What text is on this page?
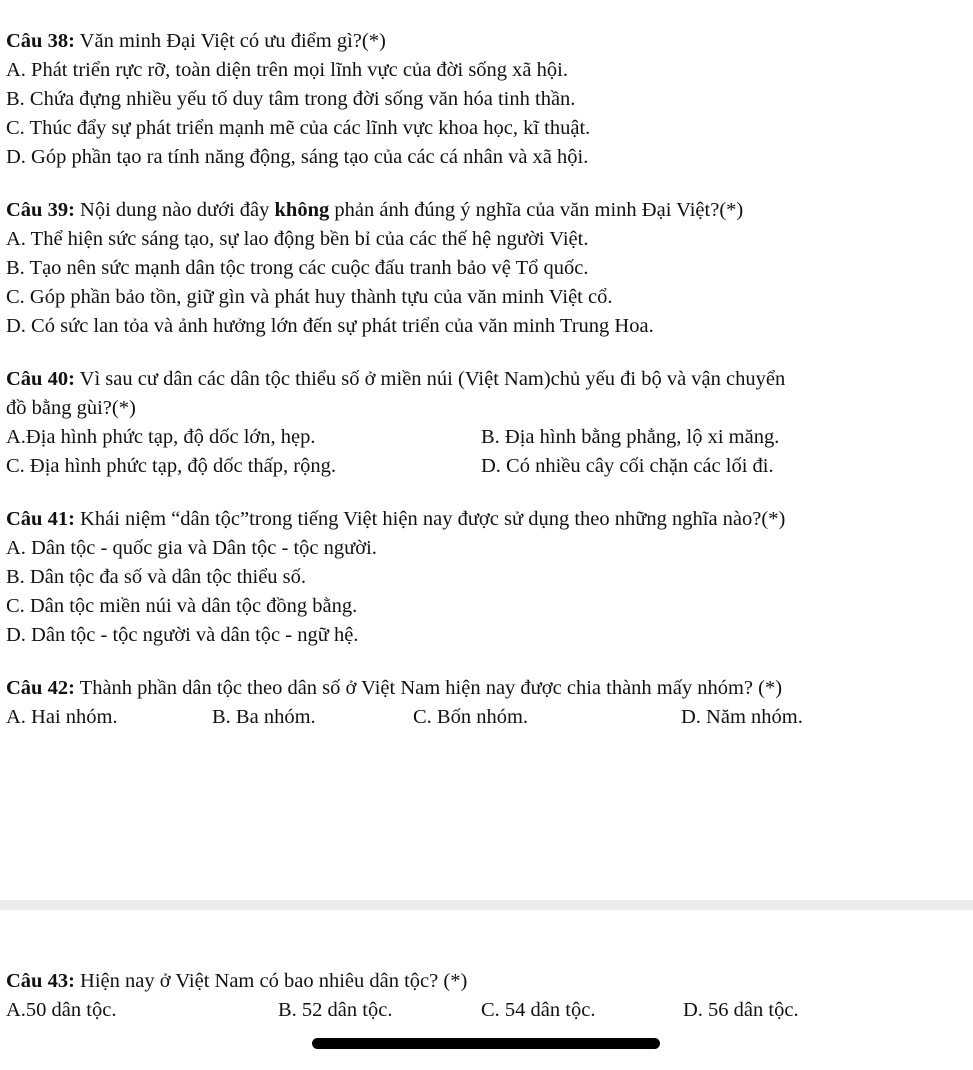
Câu 38: Văn minh Đại Việt có ưu điểm gì?(*)
A. Phát triển rực rỡ, toàn diện trên mọi lĩnh vực của đời sống xã hội.
B. Chứa đựng nhiều yếu tố duy tâm trong đời sống văn hóa tinh thần.
C. Thúc đẩy sự phát triển mạnh mẽ của các lĩnh vực khoa học, kĩ thuật.
D. Góp phần tạo ra tính năng động, sáng tạo của các cá nhân và xã hội.
Câu 39: Nội dung nào dưới đây không phản ánh đúng ý nghĩa của văn minh Đại Việt?(*)
A. Thể hiện sức sáng tạo, sự lao động bền bỉ của các thế hệ người Việt.
B. Tạo nên sức mạnh dân tộc trong các cuộc đấu tranh bảo vệ Tổ quốc.
C. Góp phần bảo tồn, giữ gìn và phát huy thành tựu của văn minh Việt cổ.
D. Có sức lan tỏa và ảnh hưởng lớn đến sự phát triển của văn minh Trung Hoa.
Câu 40: Vì sau cư dân các dân tộc thiểu số ở miền núi (Việt Nam)chủ yếu đi bộ và vận chuyển
đồ bằng gùi?(*)
A.Địa hình phức tạp, độ dốc lớn, hẹp.	B. Địa hình bằng phẳng, lộ xi măng.
C. Địa hình phức tạp, độ dốc thấp, rộng.	D. Có nhiều cây cối chặn các lối đi.
Câu 41: Khái niệm “dân tộc”trong tiếng Việt hiện nay được sử dụng theo những nghĩa nào?(*)
A. Dân tộc - quốc gia và Dân tộc - tộc người.
B. Dân tộc đa số và dân tộc thiểu số.
C. Dân tộc miền núi và dân tộc đồng bằng.
D. Dân tộc - tộc người và dân tộc - ngữ hệ.
Câu 42: Thành phần dân tộc theo dân số ở Việt Nam hiện nay được chia thành mấy nhóm? (*)
A. Hai nhóm.	B. Ba nhóm.	C. Bốn nhóm.	D. Năm nhóm.
Câu 43: Hiện nay ở Việt Nam có bao nhiêu dân tộc? (*)
A.50 dân tộc.	B. 52 dân tộc.	C. 54 dân tộc.	D. 56 dân tộc.
